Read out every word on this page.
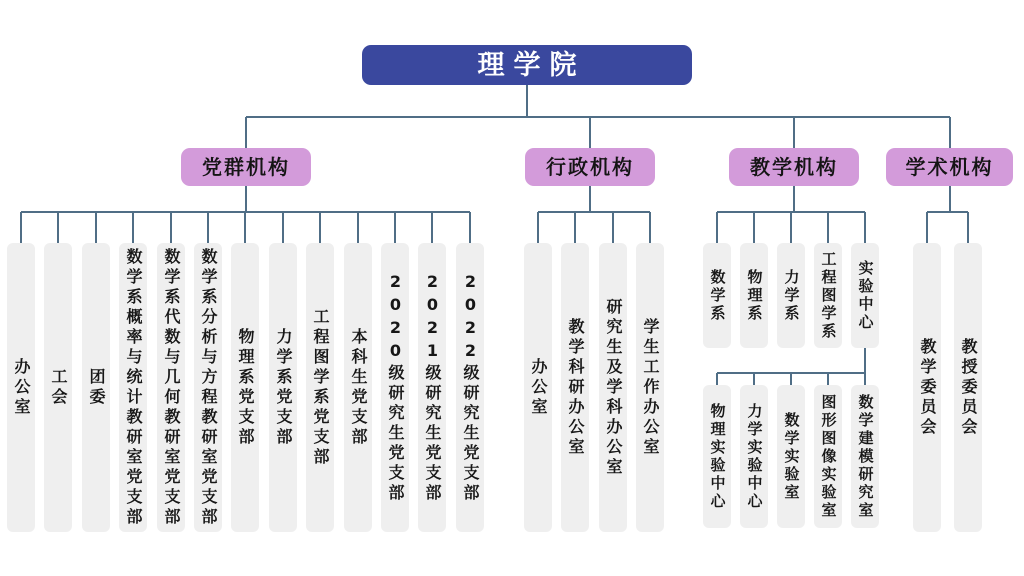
理学院
党群机构	行政机构	教学机构	学术机构
办公室 工会 团委 数学系概率与统计教研室党支部 数学系代数与几何教研室党支部 数学系分析与方程教研室党支部 物理系党支部 力学系党支部 工程图学系党支部 本科生党支部 2020级研究生党支部 2021级研究生党支部 2022级研究生党支部	办公室 教学科研办公室 研究生及学科办公室 学生工作办公室
数学系 物理系 力学系 工程图学系 实验中心
教学委员会 教授委员会
物理实验中心 力学实验中心 数学实验室 图形图像实验室 数学建模研究室
